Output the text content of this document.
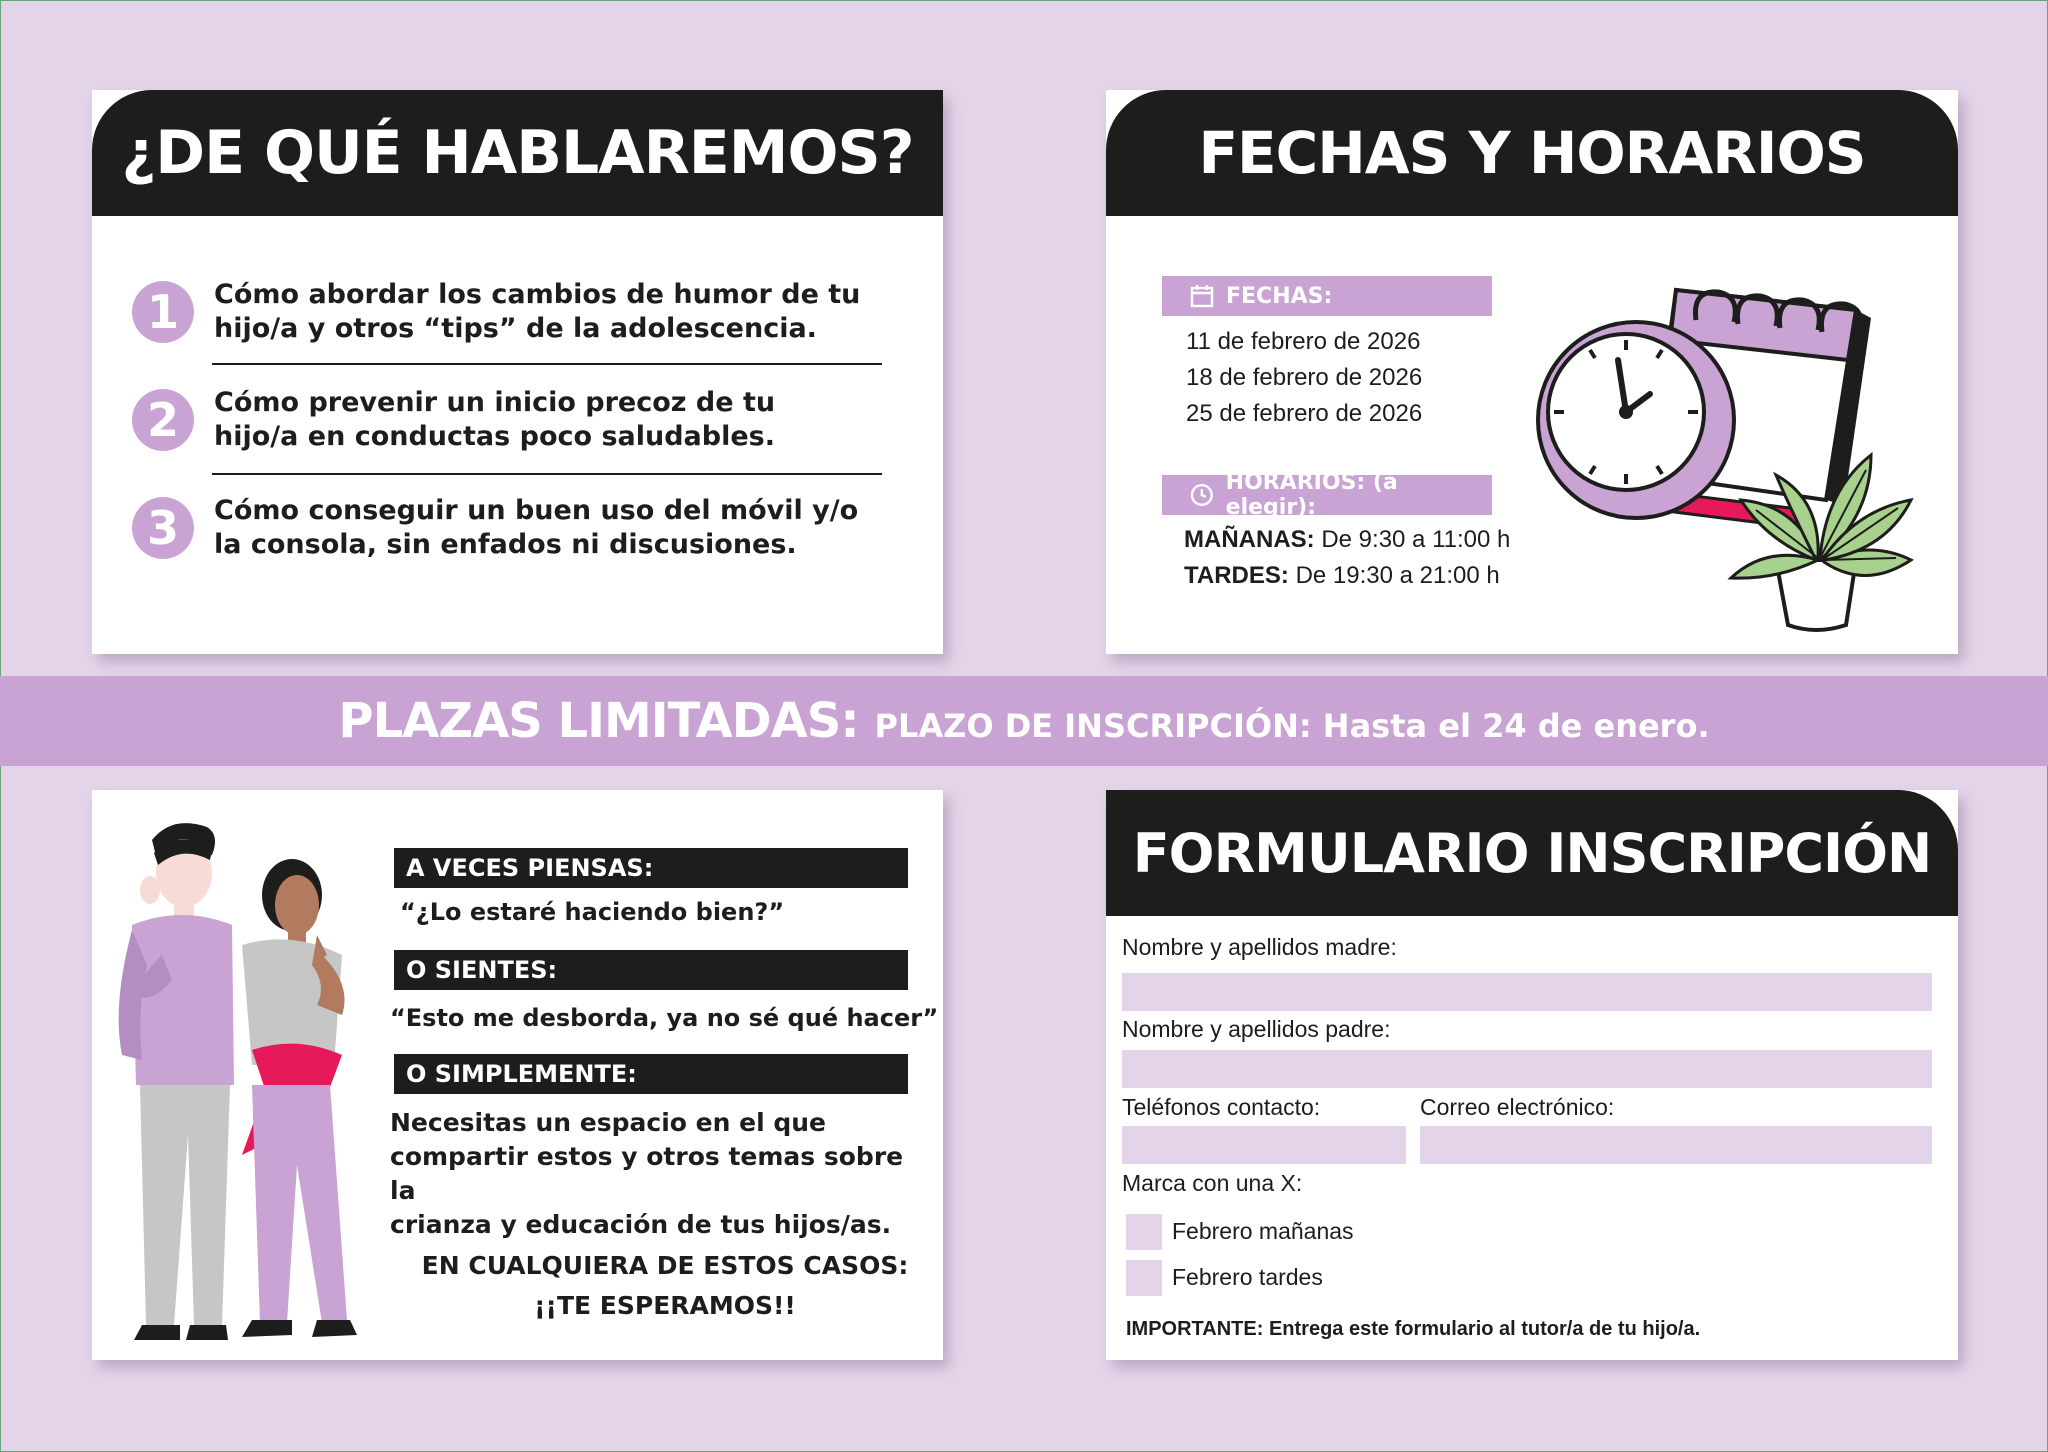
¿DE QUÉ HABLAREMOS?
1	Cómo abordar los cambios de humor de tu
hijo/a y otros “tips” de la adolescencia.
2	Cómo prevenir un inicio precoz de tu
hijo/a en conductas poco saludables.
3	Cómo conseguir un buen uso del móvil y/o
la consola, sin enfados ni discusiones.
FECHAS Y HORARIOS
FECHAS:
11 de febrero de 2026
18 de febrero de 2026
25 de febrero de 2026
HORARIOS: (a elegir):
MAÑANAS: De 9:30 a 11:00 h
TARDES: De 19:30 a 21:00 h
PLAZAS LIMITADAS: PLAZO DE INSCRIPCIÓN: Hasta el 24 de enero.
A VECES PIENSAS:
“¿Lo estaré haciendo bien?”
O SIENTES:
“Esto me desborda, ya no sé qué hacer”
O SIMPLEMENTE:
Necesitas un espacio en el que
compartir estos y otros temas sobre la
crianza y educación de tus hijos/as.
EN CUALQUIERA DE ESTOS CASOS:
¡¡TE ESPERAMOS!!
FORMULARIO INSCRIPCIÓN
Nombre y apellidos madre:
Nombre y apellidos padre:
Teléfonos contacto:	Correo electrónico:
Marca con una X:
Febrero mañanas
Febrero tardes
IMPORTANTE: Entrega este formulario al tutor/a de tu hijo/a.
